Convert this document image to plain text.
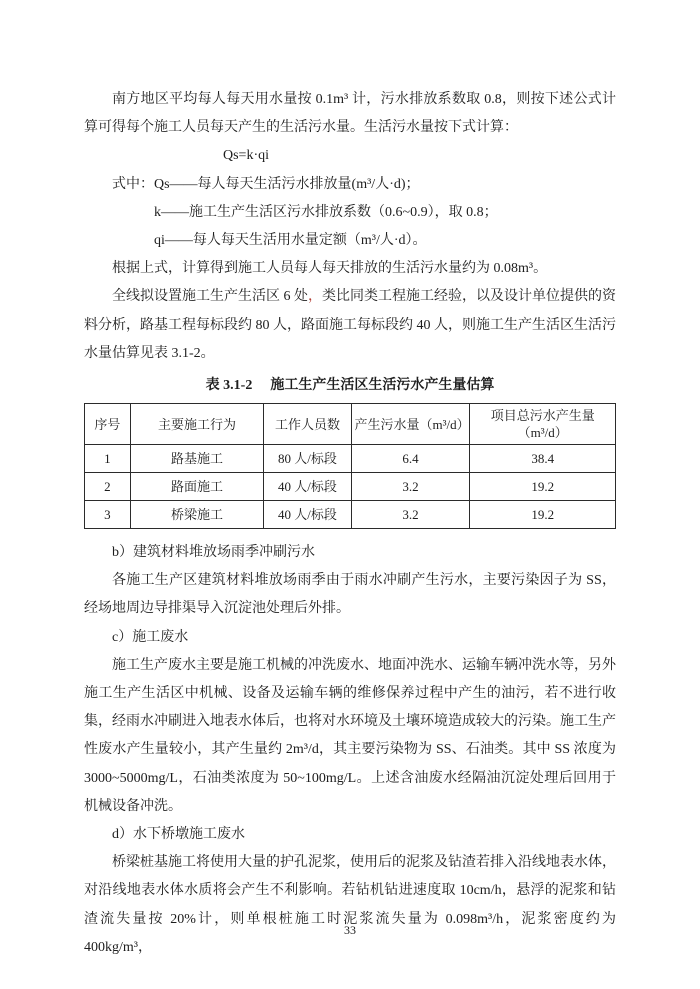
南方地区平均每人每天用水量按 0.1m³ 计，污水排放系数取 0.8，则按下述公式计算可得每个施工人员每天产生的生活污水量。生活污水量按下式计算：

Qs=k·qi

式中：Qs——每人每天生活污水排放量(m³/人·d)；

k——施工生产生活区污水排放系数（0.6~0.9），取 0.8；

qi——每人每天生活用水量定额（m³/人·d）。

根据上式，计算得到施工人员每人每天排放的生活污水量约为 0.08m³。

全线拟设置施工生产生活区 6 处，类比同类工程施工经验，以及设计单位提供的资料分析，路基工程每标段约 80 人，路面施工每标段约 40 人，则施工生产生活区生活污水量估算见表 3.1-2。

表 3.1-2 施工生产生活区生活污水产生量估算

序号	主要施工行为	工作人员数	产生污水量（m³/d）	项目总污水产生量（m³/d）
1	路基施工	80 人/标段	6.4	38.4
2	路面施工	40 人/标段	3.2	19.2
3	桥梁施工	40 人/标段	3.2	19.2

b）建筑材料堆放场雨季冲刷污水

各施工生产区建筑材料堆放场雨季由于雨水冲刷产生污水，主要污染因子为 SS，经场地周边导排渠导入沉淀池处理后外排。

c）施工废水

施工生产废水主要是施工机械的冲洗废水、地面冲洗水、运输车辆冲洗水等，另外施工生产生活区中机械、设备及运输车辆的维修保养过程中产生的油污，若不进行收集，经雨水冲刷进入地表水体后，也将对水环境及土壤环境造成较大的污染。施工生产性废水产生量较小，其产生量约 2m³/d，其主要污染物为 SS、石油类。其中 SS 浓度为 3000~5000mg/L，石油类浓度为 50~100mg/L。上述含油废水经隔油沉淀处理后回用于机械设备冲洗。

d）水下桥墩施工废水

桥梁桩基施工将使用大量的护孔泥浆，使用后的泥浆及钻渣若排入沿线地表水体，对沿线地表水体水质将会产生不利影响。若钻机钻进速度取 10cm/h，悬浮的泥浆和钻渣流失量按 20%计，则单根桩施工时泥浆流失量为 0.098m³/h，泥浆密度约为 400kg/m³，

33
